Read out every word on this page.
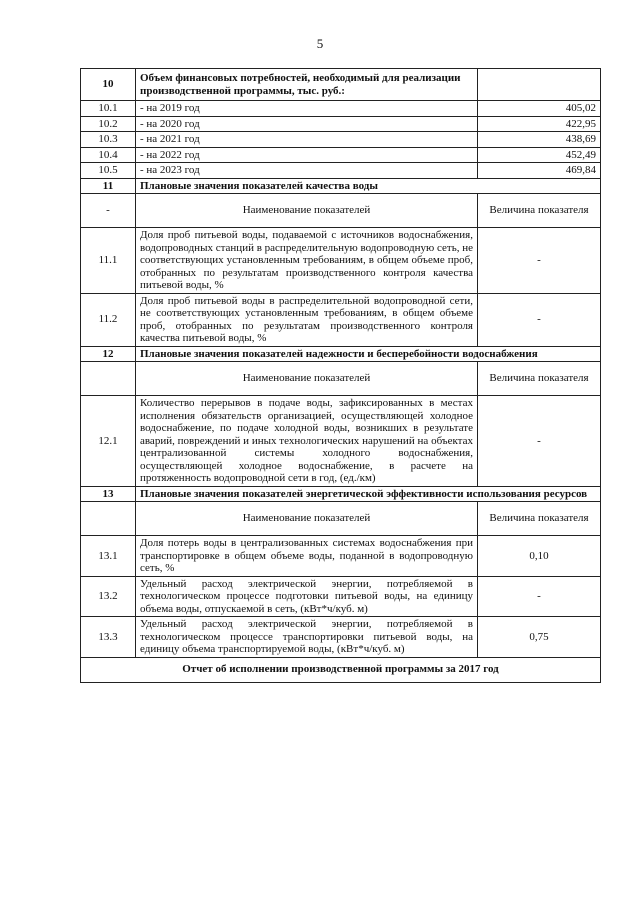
5
10	Объем финансовых потребностей, необходимый для реализации производственной программы, тыс. руб.:	
10.1	- на 2019 год	405,02
10.2	- на 2020 год	422,95
10.3	- на 2021 год	438,69
10.4	- на 2022 год	452,49
10.5	- на 2023 год	469,84
11	Плановые значения показателей качества воды	
-	Наименование показателей	Величина показателя
11.1	Доля проб питьевой воды, подаваемой с источников водоснабжения, водопроводных станций в распределительную водопроводную сеть, не соответствующих установленным требованиям, в общем объеме проб, отобранных по результатам производственного контроля качества питьевой воды, %	-
11.2	Доля проб питьевой воды в распределительной водопроводной сети, не соответствующих установленным требованиям, в общем объеме проб, отобранных по результатам производственного контроля качества питьевой воды, %	-
12	Плановые значения показателей надежности и бесперебойности водоснабжения	
	Наименование показателей	Величина показателя
12.1	Количество перерывов в подаче воды, зафиксированных в местах исполнения обязательств организацией, осуществляющей холодное водоснабжение, по подаче холодной воды, возникших в результате аварий, повреждений и иных технологических нарушений на объектах централизованной системы холодного водоснабжения, осуществляющей холодное водоснабжение, в расчете на протяженность водопроводной сети в год, (ед./км)	-
13	Плановые значения показателей энергетической эффективности использования ресурсов	
	Наименование показателей	Величина показателя
13.1	Доля потерь воды в централизованных системах водоснабжения при транспортировке в общем объеме воды, поданной в водопроводную сеть, %	0,10
13.2	Удельный расход электрической энергии, потребляемой в технологическом процессе подготовки питьевой воды, на единицу объема воды, отпускаемой в сеть, (кВт*ч/куб. м)	-
13.3	Удельный расход электрической энергии, потребляемой в технологическом процессе транспортировки питьевой воды, на единицу объема транспортируемой воды, (кВт*ч/куб. м)	0,75
Отчет об исполнении производственной программы за 2017 год		
